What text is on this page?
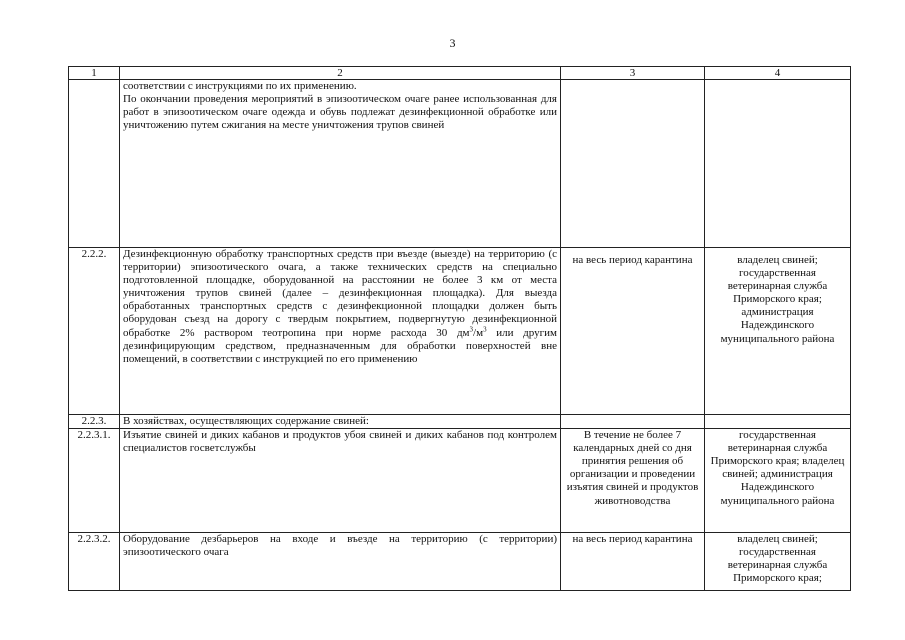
3
1	2	3	4

	соответствии с инструкциями по их применению.
По окончании проведения мероприятий в эпизоотическом очаге ранее использованная для работ в эпизоотическом очаге одежда и обувь подлежат дезинфекционной обработке или уничтожению путем сжигания на месте уничтожения трупов свиней		

2.2.2.	Дезинфекционную обработку транспортных средств при въезде (выезде) на территорию (с территории) эпизоотического очага, а также технических средств на специально подготовленной площадке, оборудованной на расстоянии не более 3 км от места уничтожения трупов свиней (далее – дезинфекционная площадка). Для выезда обработанных транспортных средств с дезинфекционной площадки должен быть оборудован съезд на дорогу с твердым покрытием, подвергнутую дезинфекционной обработке 2% раствором теотропина при норме расхода 30 $дм^3/м^3$ или другим дезинфицирующим средством, предназначенным для обработки поверхностей вне помещений, в соответствии с инструкцией по его применению	на весь период карантина	владелец свиней; государственная ветеринарная служба Приморского края; администрация Надеждинского муниципального района

2.2.3.	В хозяйствах, осуществляющих содержание свиней:		
2.2.3.1.	Изъятие свиней и диких кабанов и продуктов убоя свиней и диких кабанов под контролем специалистов госветслужбы	В течение не более 7 календарных дней со дня принятия решения об организации и проведении изъятия свиней и продуктов животноводства	государственная ветеринарная служба Приморского края; владелец свиней; администрация Надеждинского муниципального района
2.2.3.2.	Оборудование дезбарьеров на входе и въезде на территорию (с территории) эпизоотического очага	на весь период карантина	владелец свиней; государственная ветеринарная служба Приморского края;
